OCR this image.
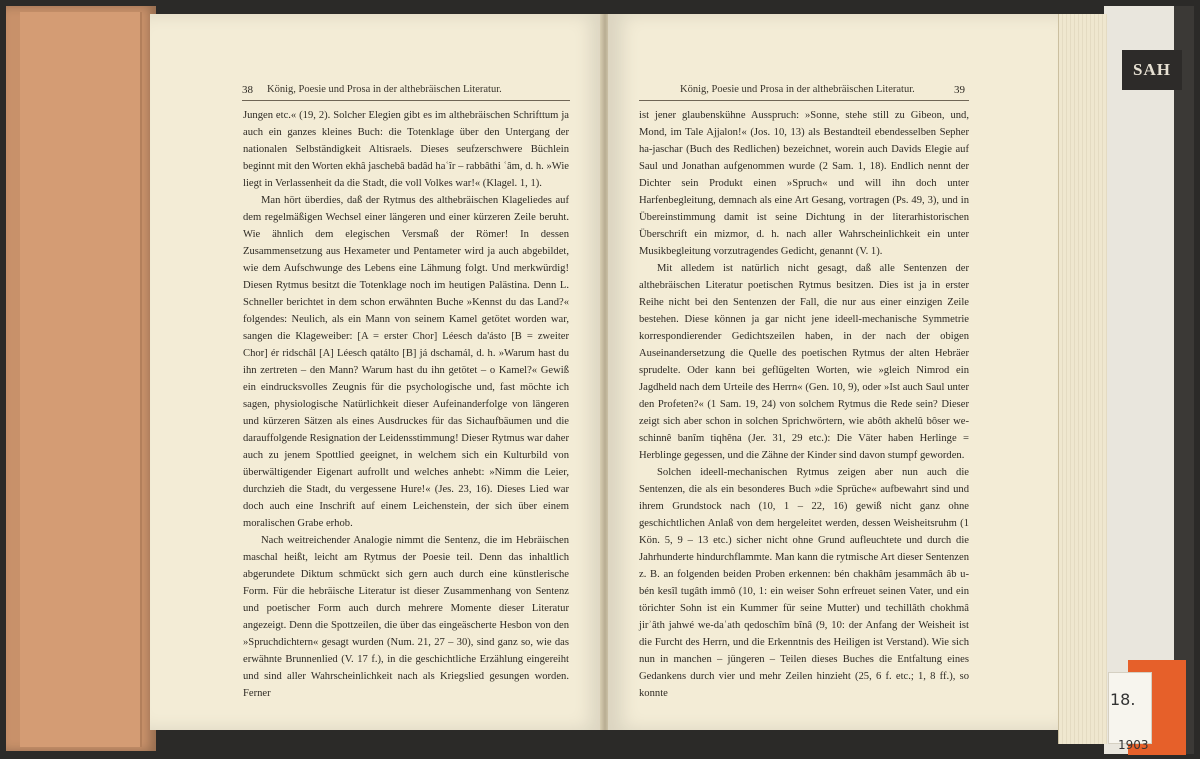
SAH
18.
1903
38 König, Poesie und Prosa in der althebräischen Literatur.

Jungen etc.« (19, 2). Solcher Elegien gibt es im althebräischen Schrifttum ja auch ein ganzes kleines Buch: die Totenklage über den Untergang der nationalen Selbständigkeit Altisraels. Dieses seufzerschwere Büchlein beginnt mit den Worten ekhâ jaschebâ badâd haʿîr – rabbâthi ʿâm, d. h. »Wie liegt in Verlassenheit da die Stadt, die voll Volkes war!« (Klagel. 1, 1).

Man hört überdies, daß der Rytmus des althebräischen Klageliedes auf dem regelmäßigen Wechsel einer längeren und einer kürzeren Zeile beruht. Wie ähnlich dem elegischen Versmaß der Römer! In dessen Zusammensetzung aus Hexameter und Pentameter wird ja auch abgebildet, wie dem Aufschwunge des Lebens eine Lähmung folgt. Und merkwürdig! Diesen Rytmus besitzt die Totenklage noch im heutigen Palästina. Denn L. Schneller berichtet in dem schon erwähnten Buche »Kennst du das Land?« folgendes: Neulich, als ein Mann von seinem Kamel getötet worden war, sangen die Klageweiber: [A = erster Chor] Léesch da'ásto [B = zweiter Chor] ér ridschâl [A] Léesch qatálto [B] já dschamál, d. h. »Warum hast du ihn zertreten – den Mann? Warum hast du ihn getötet – o Kamel?« Gewiß ein eindrucksvolles Zeugnis für die psychologische und, fast möchte ich sagen, physiologische Natürlichkeit dieser Aufeinanderfolge von längeren und kürzeren Sätzen als eines Ausdruckes für das Sichaufbäumen und die darauffolgende Resignation der Leidensstimmung! Dieser Rytmus war daher auch zu jenem Spottlied geeignet, in welchem sich ein Kulturbild von überwältigender Eigenart aufrollt und welches anhebt: »Nimm die Leier, durchzieh die Stadt, du vergessene Hure!« (Jes. 23, 16). Dieses Lied war doch auch eine Inschrift auf einem Leichenstein, der sich über einem moralischen Grabe erhob.

Nach weitreichender Analogie nimmt die Sentenz, die im Hebräischen maschal heißt, leicht am Rytmus der Poesie teil. Denn das inhaltlich abgerundete Diktum schmückt sich gern auch durch eine künstlerische Form. Für die hebräische Literatur ist dieser Zusammenhang von Sentenz und poetischer Form auch durch mehrere Momente dieser Literatur angezeigt. Denn die Spottzeilen, die über das eingeäscherte Hesbon von den »Spruchdichtern« gesagt wurden (Num. 21, 27 – 30), sind ganz so, wie das erwähnte Brunnenlied (V. 17 f.), in die geschichtliche Erzählung eingereiht und sind aller Wahrscheinlichkeit nach als Kriegslied gesungen worden. Ferner

König, Poesie und Prosa in der althebräischen Literatur.	39

ist jener glaubenskühne Ausspruch: »Sonne, stehe still zu Gibeon, und, Mond, im Tale Ajjalon!« (Jos. 10, 13) als Bestandteil ebendesselben Sepher ha-jaschar (Buch des Redlichen) bezeichnet, worein auch Davids Elegie auf Saul und Jonathan aufgenommen wurde (2 Sam. 1, 18). Endlich nennt der Dichter sein Produkt einen »Spruch« und will ihn doch unter Harfenbegleitung, demnach als eine Art Gesang, vortragen (Ps. 49, 3), und in Übereinstimmung damit ist seine Dichtung in der literarhistorischen Überschrift ein mizmor, d. h. nach aller Wahrscheinlichkeit ein unter Musikbegleitung vorzutragendes Gedicht, genannt (V. 1).

Mit alledem ist natürlich nicht gesagt, daß alle Sentenzen der althebräischen Literatur poetischen Rytmus besitzen. Dies ist ja in erster Reihe nicht bei den Sentenzen der Fall, die nur aus einer einzigen Zeile bestehen. Diese können ja gar nicht jene ideell-mechanische Symmetrie korrespondierender Gedichtszeilen haben, in der nach der obigen Auseinandersetzung die Quelle des poetischen Rytmus der alten Hebräer sprudelte. Oder kann bei geflügelten Worten, wie »gleich Nimrod ein Jagdheld nach dem Urteile des Herrn« (Gen. 10, 9), oder »Ist auch Saul unter den Profeten?« (1 Sam. 19, 24) von solchem Rytmus die Rede sein? Dieser zeigt sich aber schon in solchen Sprichwörtern, wie abôth akhelû bôser we-schinnê banîm tiqhêna (Jer. 31, 29 etc.): Die Väter haben Herlinge = Herblinge gegessen, und die Zähne der Kinder sind davon stumpf geworden.

Solchen ideell-mechanischen Rytmus zeigen aber nun auch die Sentenzen, die als ein besonderes Buch »die Sprüche« aufbewahrt sind und ihrem Grundstock nach (10, 1 – 22, 16) gewiß nicht ganz ohne geschichtlichen Anlaß von dem hergeleitet werden, dessen Weisheitsruhm (1 Kön. 5, 9 – 13 etc.) sicher nicht ohne Grund aufleuchtete und durch die Jahrhunderte hindurchflammte. Man kann die rytmische Art dieser Sentenzen z. B. an folgenden beiden Proben erkennen: bén chakhâm jesammâch âb u-bén kesîl tugâth immô (10, 1: ein weiser Sohn erfreuet seinen Vater, und ein törichter Sohn ist ein Kummer für seine Mutter) und techillâth chokhmâ jirʾâth jahwé we-daʿath qedoschîm bînâ (9, 10: der Anfang der Weisheit ist die Furcht des Herrn, und die Erkenntnis des Heiligen ist Verstand). Wie sich nun in manchen – jüngeren – Teilen dieses Buches die Entfaltung eines Gedankens durch vier und mehr Zeilen hinzieht (25, 6 f. etc.; 1, 8 ff.), so konnte
